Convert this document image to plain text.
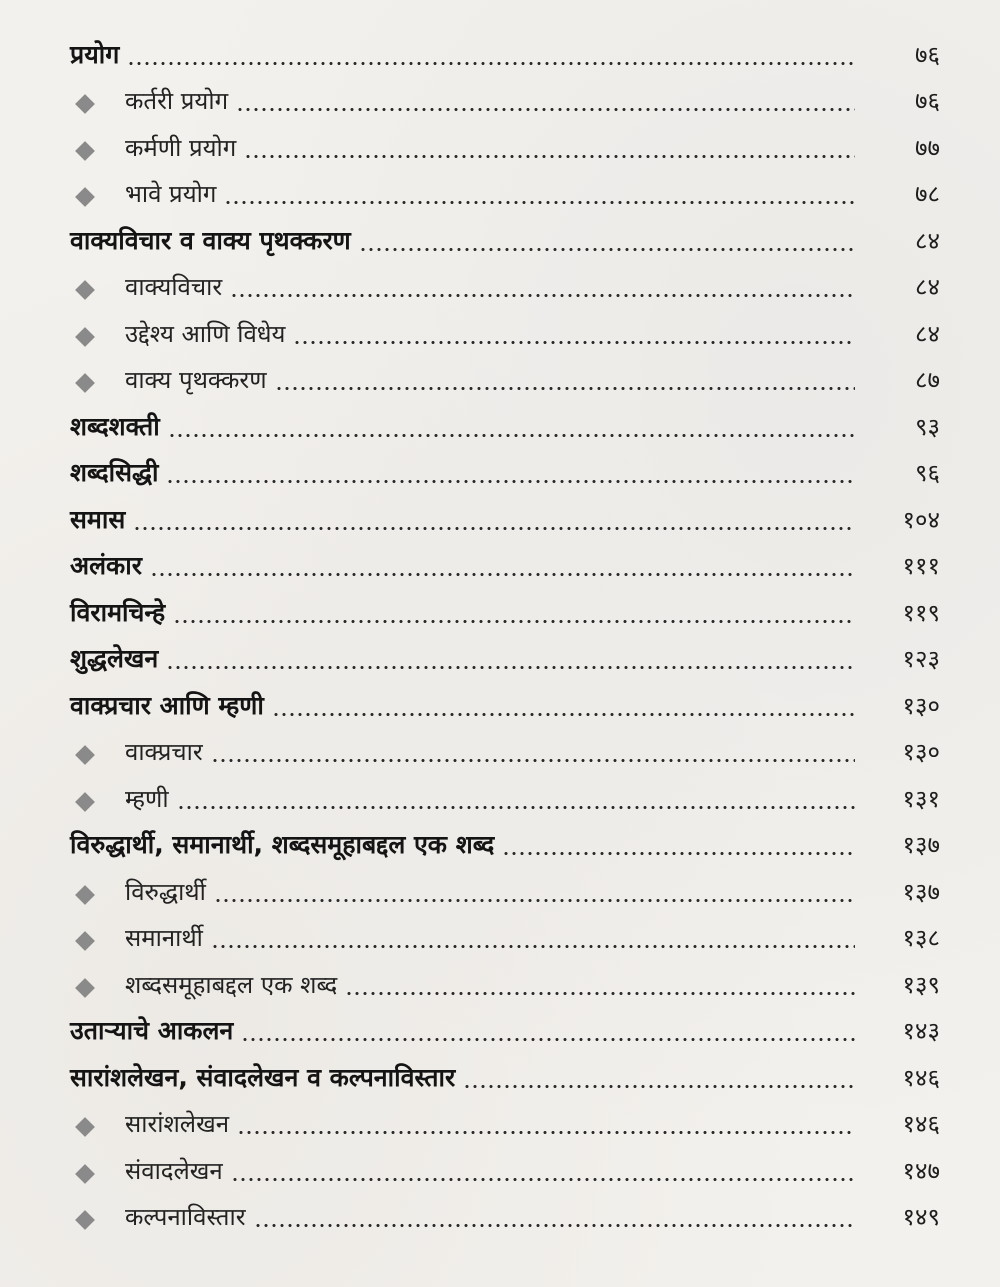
प्रयोग	७६
कर्तरी प्रयोग	७६
कर्मणी प्रयोग	७७
भावे प्रयोग	७८
वाक्यविचार व वाक्य पृथक्करण	८४
वाक्यविचार	८४
उद्देश्य आणि विधेय	८४
वाक्य पृथक्करण	८७
शब्दशक्ती	९३
शब्दसिद्धी	९६
समास	१०४
अलंकार	१११
विरामचिन्हे	११९
शुद्धलेखन	१२३
वाक्प्रचार आणि म्हणी	१३०
वाक्प्रचार	१३०
म्हणी	१३१
विरुद्धार्थी, समानार्थी, शब्दसमूहाबद्दल एक शब्द	१३७
विरुद्धार्थी	१३७
समानार्थी	१३८
शब्दसमूहाबद्दल एक शब्द	१३९
उताऱ्याचे आकलन	१४३
सारांशलेखन, संवादलेखन व कल्पनाविस्तार	१४६
सारांशलेखन	१४६
संवादलेखन	१४७
कल्पनाविस्तार	१४९
